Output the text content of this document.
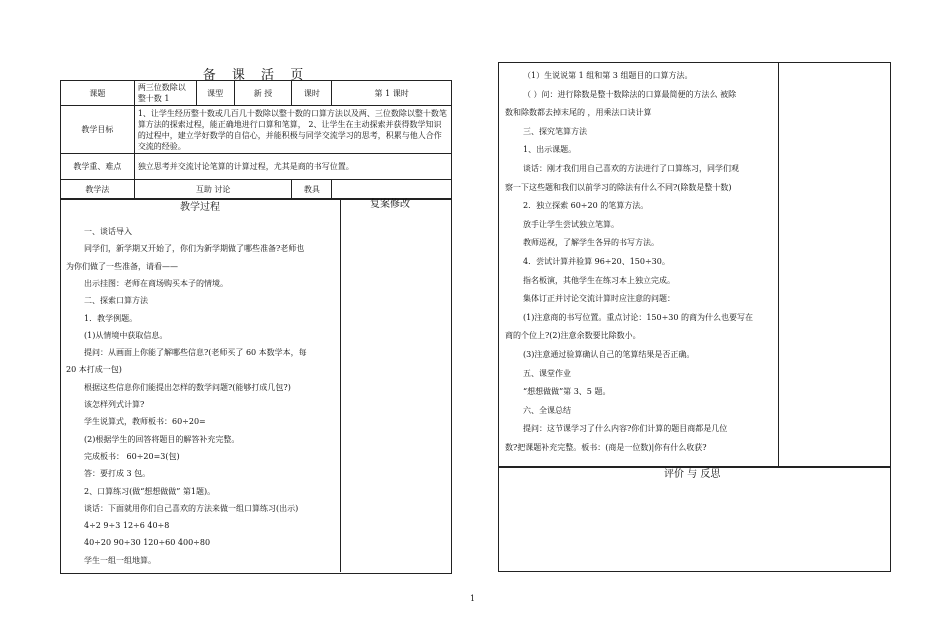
备 课 活 页
课题	两三位数除以整十数 1	课型	新 授	课时	第 1 课时
教学目标	1、让学生经历整十数或几百几十数除以整十数的口算方法以及两、三位数除以整十数笔算方法的探索过程，能正确地进行口算和笔算， 2、让学生在主动探索并获得数学知识的过程中，建立学好数学的自信心，并能积极与同学交流学习的思考，积累与他人合作交流的经验。				
教学重、难点	独立思考并交流讨论笔算的计算过程，尤其是商的书写位置。				
教学法	互助 讨论			教具	
教学过程	复案修改
一、谈话导入
同学们，新学期又开始了，你们为新学期做了哪些准备?老师也
为你们做了一些准备，请看——
出示挂图：老师在商场购买本子的情境。
二、探索口算方法
1．教学例题。
(1)从情境中获取信息。
提问：从画面上你能了解哪些信息?(老师买了 60 本数学本，每
20 本打成一包)
根据这些信息你们能提出怎样的数学问题?(能够打成几包?)
该怎样列式计算?
学生说算式，教师板书：60÷20=
(2)根据学生的回答将题目的解答补充完整。
完成板书： 60÷20=3(包)
答：要打成 3 包。
2、口算练习(做“想想做做” 第1题)。
谈话：下面就用你们自己喜欢的方法来做一组口算练习(出示)
4÷2 9÷3 12÷6 40÷8
40÷20 90÷30 120÷60 400÷80
学生一组一组地算。
（1）生说说第 1 组和第 3 组题目的口算方法。
（ ）问：进行除数是整十数除法的口算最简便的方法么 被除
数和除数都去掉末尾的 ，用乘法口诀计算
三、探究笔算方法
1、出示课题。
谈话：刚才我们用自己喜欢的方法进行了口算练习，同学们观
察一下这些题和我们以前学习的除法有什么不同?(除数是整十数)
2．独立探索 60÷20 的笔算方法。
放手让学生尝试独立笔算。
教师巡视，了解学生各异的书写方法。
4．尝试计算并验算 96÷20、150÷30。
指名板演，其他学生在练习本上独立完成。
集体订正并讨论交流计算时应注意的问题：
(1)注意商的书写位置。重点讨论：150÷30 的商为什么也要写在
商的个位上?(2)注意余数要比除数小。
(3)注意通过验算确认自己的笔算结果是否正确。
五、课堂作业
“想想做做”第 3、5 题。
六、全课总结
提问：这节课学习了什么内容?你们计算的题目商都是几位
数?把课题补充完整。板书：(商是一位数)|你有什么收获?
评价 与 反思
1
